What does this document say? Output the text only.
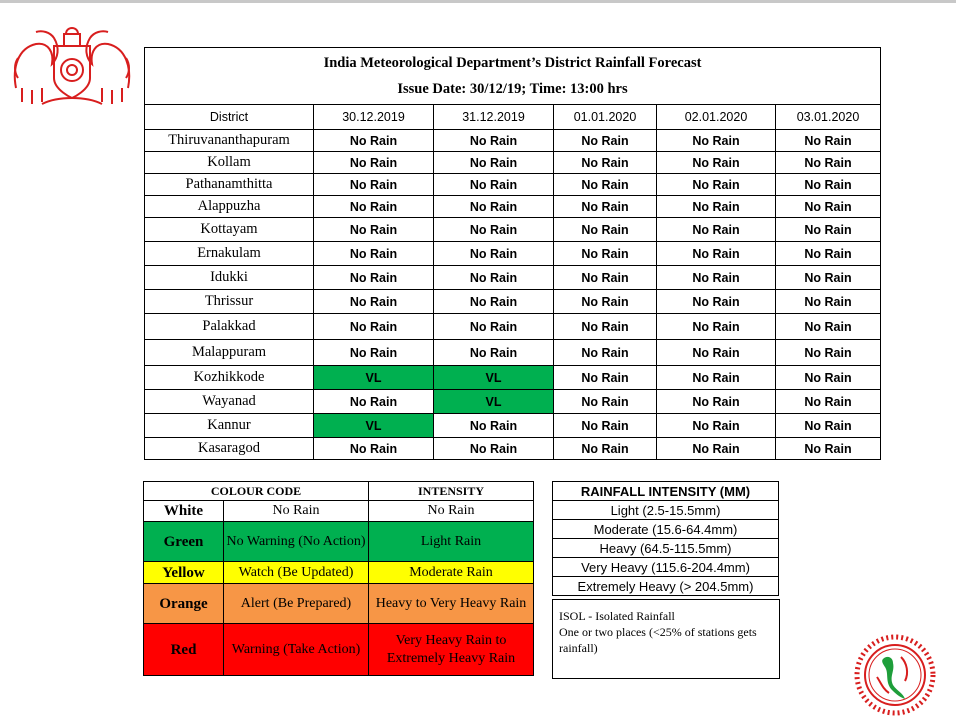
India Meteorological Department’s District Rainfall Forecast
Issue Date: 30/12/19; Time: 13:00 hrs					

District	30.12.2019	31.12.2019	01.01.2020	02.01.2020	03.01.2020
Thiruvananthapuram	No Rain	No Rain	No Rain	No Rain	No Rain
Kollam	No Rain	No Rain	No Rain	No Rain	No Rain
Pathanamthitta	No Rain	No Rain	No Rain	No Rain	No Rain
Alappuzha	No Rain	No Rain	No Rain	No Rain	No Rain
Kottayam	No Rain	No Rain	No Rain	No Rain	No Rain
Ernakulam	No Rain	No Rain	No Rain	No Rain	No Rain
Idukki	No Rain	No Rain	No Rain	No Rain	No Rain
Thrissur	No Rain	No Rain	No Rain	No Rain	No Rain
Palakkad	No Rain	No Rain	No Rain	No Rain	No Rain
Malappuram	No Rain	No Rain	No Rain	No Rain	No Rain
Kozhikkode	VL	VL	No Rain	No Rain	No Rain
Wayanad	No Rain	VL	No Rain	No Rain	No Rain
Kannur	VL	No Rain	No Rain	No Rain	No Rain
Kasaragod	No Rain	No Rain	No Rain	No Rain	No Rain
COLOUR CODE		INTENSITY
White	No Rain	No Rain
Green	No Warning (No Action)	Light Rain
Yellow	Watch (Be Updated)	Moderate Rain
Orange	Alert (Be Prepared)	Heavy to Very Heavy Rain
Red	Warning (Take Action)	Very Heavy Rain to Extremely Heavy Rain
RAINFALL INTENSITY (MM)
Light (2.5-15.5mm)
Moderate (15.6-64.4mm)
Heavy (64.5-115.5mm)
Very Heavy (115.6-204.4mm)
Extremely Heavy (> 204.5mm)
ISOL - Isolated Rainfall
One or two places (<25% of stations gets rainfall)
